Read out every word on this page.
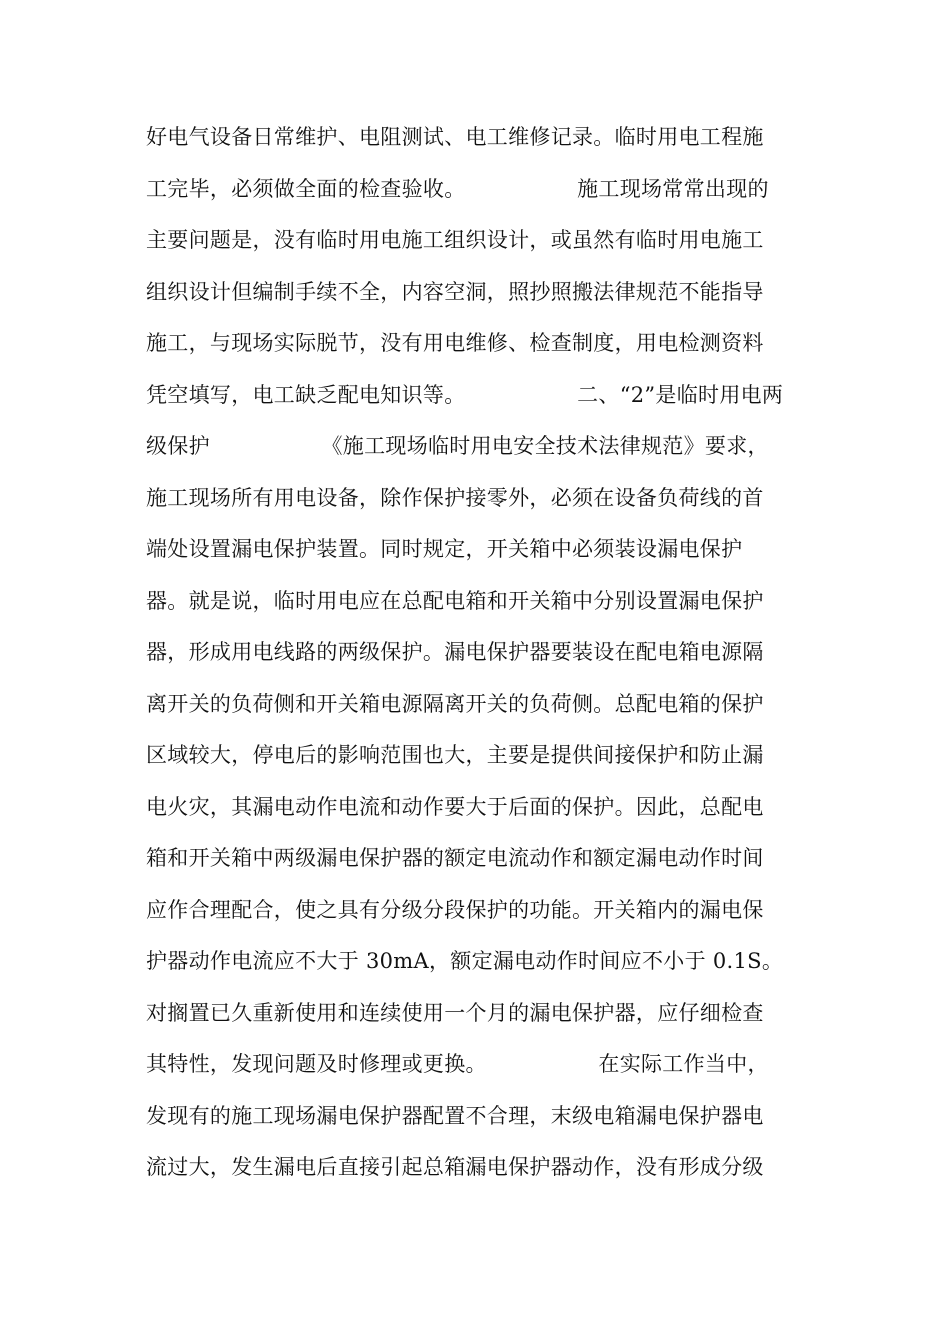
好电气设备日常维护、电阻测试、电工维修记录。临时用电工程施
工完毕，必须做全面的检查验收。                施工现场常常出现的
主要问题是，没有临时用电施工组织设计，或虽然有临时用电施工
组织设计但编制手续不全，内容空洞，照抄照搬法律规范不能指导
施工，与现场实际脱节，没有用电维修、检查制度，用电检测资料
凭空填写，电工缺乏配电知识等。                二、“2”是临时用电两
级保护                《施工现场临时用电安全技术法律规范》要求，
施工现场所有用电设备，除作保护接零外，必须在设备负荷线的首
端处设置漏电保护装置。同时规定，开关箱中必须装设漏电保护
器。就是说，临时用电应在总配电箱和开关箱中分别设置漏电保护
器，形成用电线路的两级保护。漏电保护器要装设在配电箱电源隔
离开关的负荷侧和开关箱电源隔离开关的负荷侧。总配电箱的保护
区域较大，停电后的影响范围也大，主要是提供间接保护和防止漏
电火灾，其漏电动作电流和动作要大于后面的保护。因此，总配电
箱和开关箱中两级漏电保护器的额定电流动作和额定漏电动作时间
应作合理配合，使之具有分级分段保护的功能。开关箱内的漏电保
护器动作电流应不大于 30mA，额定漏电动作时间应不小于 0.1S。
对搁置已久重新使用和连续使用一个月的漏电保护器，应仔细检查
其特性，发现问题及时修理或更换。                在实际工作当中，
发现有的施工现场漏电保护器配置不合理，末级电箱漏电保护器电
流过大，发生漏电后直接引起总箱漏电保护器动作，没有形成分级
